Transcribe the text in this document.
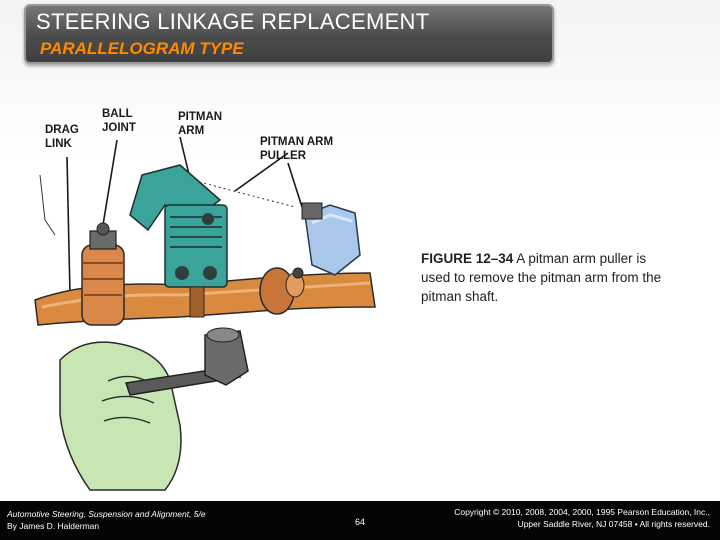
STEERING LINKAGE REPLACEMENT
PARALLELOGRAM TYPE
DRAG
LINK
BALL
JOINT
PITMAN
ARM
PITMAN ARM
PULLER
FIGURE 12–34 A pitman arm puller is used to remove the pitman arm from the pitman shaft.
Automotive Steering, Suspension and Alignment, 5/e
By James D. Halderman	64
Copyright © 2010, 2008, 2004, 2000, 1995 Pearson Education, Inc.,
Upper Saddle River, NJ 07458 • All rights reserved.
